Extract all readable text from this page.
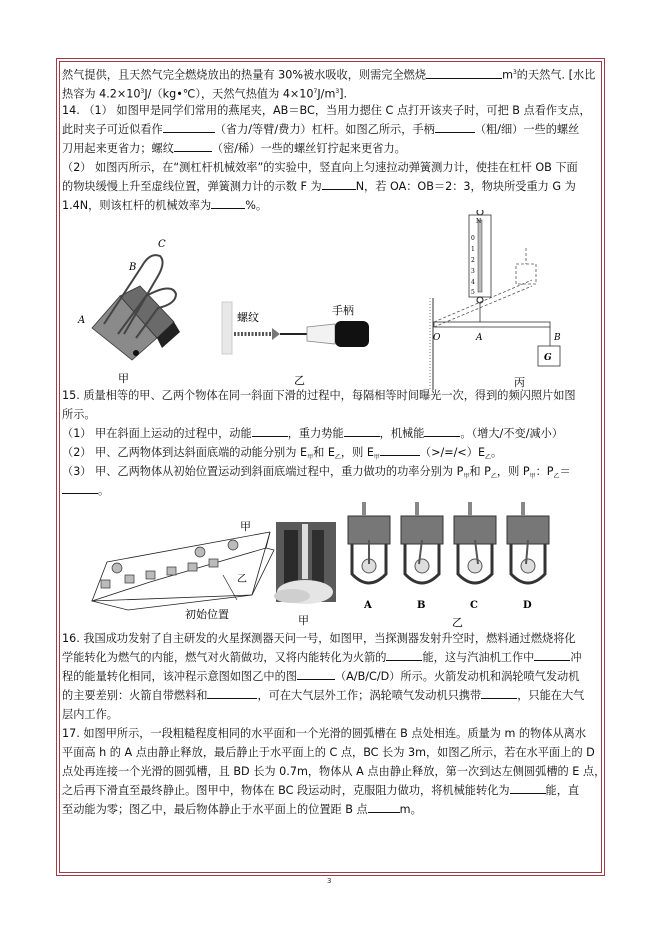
然气提供，且天然气完全燃烧放出的热量有 30%被水吸收，则需完全燃烧	$m^3$的天然气. [水比
热容为 $4.2\times 10^3J/(kg•℃)$，天然气热值为 $4\times 10^7J/m^3$].
14. （1） 如图甲是同学们常用的燕尾夹，AB＝BC，当用力摁住 C 点打开该夹子时，可把 B 点看作支点，
此时夹子可近似看作	（省力/等臂/费力）杠杆。如图乙所示，手柄	（粗/细）一些的螺丝
刀用起来更省力；螺纹	（密/稀）一些的螺丝钉拧起来更省力。
（2） 如图丙所示，在“测杠杆机械效率”的实验中，竖直向上匀速拉动弹簧测力计，使挂在杠杆 OB 下面
的物块缓慢上升至虚线位置，弹簧测力计的示数 F 为	N，若 OA：OB＝2：3，物块所受重力 G 为
1.4N，则该杠杆的机械效率为	%。
C
B
A
甲
螺纹
手柄
乙
N
0
1
2
3
4
5
O	A	B
G
丙
15. 质量相等的甲、乙两个物体在同一斜面下滑的过程中，每隔相等时间曝光一次，得到的频闪照片如图
所示。
（1） 甲在斜面上运动的过程中，动能	，重力势能	，机械能	。（增大/不变/减小）
（2） 甲、乙两物体到达斜面底端的动能分别为 $E_甲$和 $E_乙$，则 $E_甲$	$(>/=/<)E_乙$。
（3） 甲、乙两物体从初始位置运动到斜面底端过程中，重力做功的功率分别为 $P_甲$和 $P_乙$，则 $P_甲$：$P_乙=$
。
甲
乙
初始位置	甲
A	B	C	D
乙
16. 我国成功发射了自主研发的火星探测器天问一号，如图甲，当探测器发射升空时，燃料通过燃烧将化
学能转化为燃气的内能，燃气对火箭做功，又将内能转化为火箭的	能，这与汽油机工作中	冲
程的能量转化相同，该冲程示意图如图乙中的图	（A/B/C/D）所示。火箭发动机和涡轮喷气发动机
的主要差别：火箭自带燃料和	，可在大气层外工作；涡轮喷气发动机只携带	，只能在大气
层内工作。
17. 如图甲所示，一段粗糙程度相同的水平面和一个光滑的圆弧槽在 B 点处相连。质量为 m 的物体从离水
平面高 h 的 A 点由静止释放，最后静止于水平面上的 C 点，BC 长为 3m，如图乙所示，若在水平面上的 D
点处再连接一个光滑的圆弧槽，且 BD 长为 0.7m，物体从 A 点由静止释放，第一次到达左侧圆弧槽的 E 点，
之后再下滑直至最终静止。图甲中，物体在 BC 段运动时，克服阻力做功，将机械能转化为	能，直
至动能为零；图乙中，最后物体静止于水平面上的位置距 B 点	m。
3
